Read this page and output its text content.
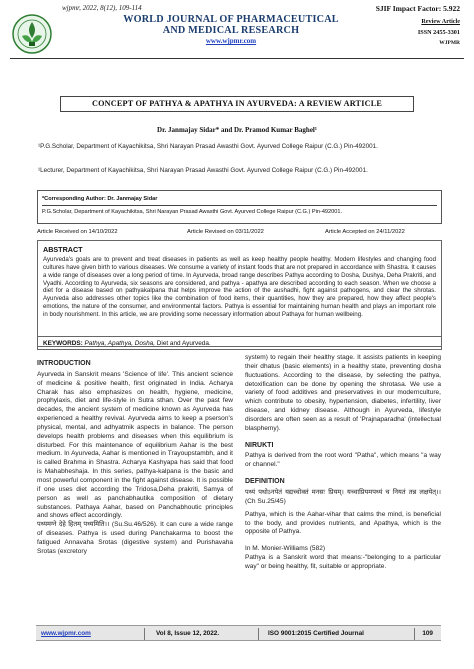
wjpmr, 2022, 8(12), 109-114
WORLD JOURNAL OF PHARMACEUTICAL
AND MEDICAL RESEARCH
www.wjpmr.com
SJIF Impact Factor: 5.922
Review Article
ISSN 2455-3301
WJPMR
CONCEPT OF PATHYA & APATHYA IN AYURVEDA: A REVIEW ARTICLE
Dr. Janmajay Sidar* and Dr. Pramod Kumar Baghel¹
¹P.G.Scholar, Department of Kayachikitsa, Shri Narayan Prasad Awasthi Govt. Ayurved College Raipur (C.G.) Pin-492001.
¹Lecturer, Department of Kayachikitsa, Shri Narayan Prasad Awasthi Govt. Ayurved College Raipur (C.G.) Pin-492001.
*Corresponding Author: Dr. Janmajay Sidar
P.G.Scholar, Department of Kayachikitsa, Shri Narayan Prasad Awasthi Govt. Ayurved College Raipur (C.G.) Pin-492001.
Article Received on 14/10/2022	Article Revised on 03/11/2022	Article Accepted on 24/11/2022
ABSTRACT
Ayurveda's goals are to prevent and treat diseases in patients as well as keep healthy people healthy. Modern lifestyles and changing food cultures have given birth to various diseases. We consume a variety of instant foods that are not prepared in accordance with Shastra. It causes a wide range of diseases over a long period of time. In Ayurveda, broad range describes Pathya according to Dosha, Dushya, Deha Prakriti, and Vyadhi. According to Ayurveda, six seasons are considered, and pathya - apathya are described according to each season. When we choose a diet for a disease based on pathyakalpana that helps improve the action of the aushadhi, fight against pathogens, and clear the shrotas. Ayurveda also addresses other topics like the combination of food items, their quantities, how they are prepared, how they affect people's emotions, the nature of the consumer, and environmental factors. Pathya is essential for maintaining human health and plays an important role in body nourishment. In this article, we are providing some necessary information about Pathaya for human wellbeing.
KEYWORDS: Pathya, Apathya, Dosha, Diet and Ayurveda.
INTRODUCTION

Ayurveda in Sanskrit means 'Science of life'. This ancient science of medicine & positive health, first originated in India. Acharya Charak has also emphasizes on health, hygiene, medicine, prophylaxis, diet and life-style in Sutra sthan. Over the past few decades, the ancient system of medicine known as Ayurveda has experienced a healthy revival. Ayurveda aims to keep a pserson's physical, mental, and adhyatmik aspects in balance. The person develops health problems and diseases when this equilibrium is disturbed. For this maintenance of equilibrium Aahar is the best medium. In Ayurveda, Aahar is mentioned in Trayoupstambh, and it is called Brahma in Shastra. Acharya Kashyapa has said that food is Mahabheshaja. In this series, pathya-kalpana is the basic and most powerful component in the fight against disease. It is possible if one uses diet according the Tridosa,Deha prakriti, Samya of person as well as panchabhautika composition of dietary substances. Pathaya Aahar, based on Panchabhoutic principles and shows effect accordingly.

पथ्यमग्ने देहे हितम् पथ्यमिति।। (Su.Su.46/526). It can cure a wide range of diseases. Pathya is used during Panchakarma to boost the fatigued Annavaha Srotas (digestive system) and Purishavaha Srotas (excretory

system) to regain their healthy stage. It assists patients in keeping their dhatus (basic elements) in a healthy state, preventing dosha fluctuations. According to the disease, by selecting the pathya, detoxification can be done by opening the shrotasa. We use a variety of food additives and preservatives in our modernculture, which contribute to obesity, hypertension, diabetes, infertility, liver disease, and kidney disease. Although in Ayurveda, lifestyle disorders are often seen as a result of 'Prajnaparadha' (intellectual blasphemy).

NIRUKTI

Pathya is derived from the root word "Patha", which means "a way or channel."

DEFINITION

पथ्यं पथोऽनपेतं यद्यच्चोक्तं मनसः प्रियम्। यच्चाप्रियमपथ्यं च नियतं तन्न लक्षयेत्।। (Ch Su.25/45)

Pathya, which is the Aahar-vihar that calms the mind, is beneficial to the body, and provides nutrients, and Apathya, which is the opposite of Pathya.

In M. Monier-Williams (582)

Pathya is a Sanskrit word that means:-"belonging to a particular way" or being healthy, fit, suitable or appropriate.

www.wjpmr.com	Vol 8, Issue 12, 2022.	ISO 9001:2015 Certified Journal	109
